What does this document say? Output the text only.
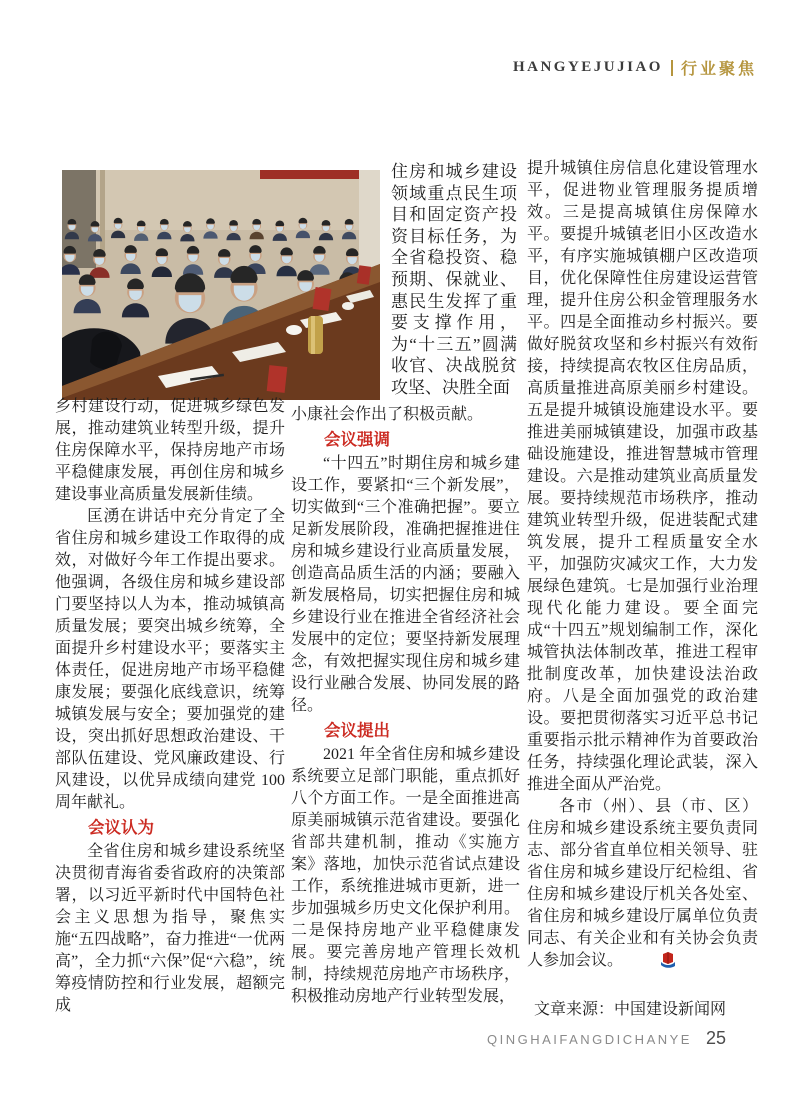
HANGYEJUJIAO 行业聚焦

住房和城乡建设领域重点民生项目和固定资产投资目标任务，为全省稳投资、稳预期、保就业、惠民生发挥了重要支撑作用，为“十三五”圆满收官、决战脱贫攻坚、决胜全面

乡村建设行动，促进城乡绿色发展，推动建筑业转型升级，提升住房保障水平，保持房地产市场平稳健康发展，再创住房和城乡建设事业高质量发展新佳绩。

匡湧在讲话中充分肯定了全省住房和城乡建设工作取得的成效，对做好今年工作提出要求。他强调，各级住房和城乡建设部门要坚持以人为本，推动城镇高质量发展；要突出城乡统筹，全面提升乡村建设水平；要落实主体责任，促进房地产市场平稳健康发展；要强化底线意识，统筹城镇发展与安全；要加强党的建设，突出抓好思想政治建设、干部队伍建设、党风廉政建设、行风建设，以优异成绩向建党 100 周年献礼。

会议认为

全省住房和城乡建设系统坚决贯彻青海省委省政府的决策部署，以习近平新时代中国特色社会主义思想为指导，聚焦实施“五四战略”，奋力推进“一优两高”，全力抓“六保”促“六稳”，统筹疫情防控和行业发展，超额完成

小康社会作出了积极贡献。

会议强调

“十四五”时期住房和城乡建设工作，要紧扣“三个新发展”，切实做到“三个准确把握”。要立足新发展阶段，准确把握推进住房和城乡建设行业高质量发展，创造高品质生活的内涵；要融入新发展格局，切实把握住房和城乡建设行业在推进全省经济社会发展中的定位；要坚持新发展理念，有效把握实现住房和城乡建设行业融合发展、协同发展的路径。

会议提出

2021 年全省住房和城乡建设系统要立足部门职能，重点抓好八个方面工作。一是全面推进高原美丽城镇示范省建设。要强化省部共建机制，推动《实施方案》落地，加快示范省试点建设工作，系统推进城市更新，进一步加强城乡历史文化保护利用。二是保持房地产业平稳健康发展。要完善房地产管理长效机制，持续规范房地产市场秩序，积极推动房地产行业转型发展，

提升城镇住房信息化建设管理水平，促进物业管理服务提质增效。三是提高城镇住房保障水平。要提升城镇老旧小区改造水平，有序实施城镇棚户区改造项目，优化保障性住房建设运营管理，提升住房公积金管理服务水平。四是全面推动乡村振兴。要做好脱贫攻坚和乡村振兴有效衔接，持续提高农牧区住房品质，高质量推进高原美丽乡村建设。五是提升城镇设施建设水平。要推进美丽城镇建设，加强市政基础设施建设，推进智慧城市管理建设。六是推动建筑业高质量发展。要持续规范市场秩序，推动建筑业转型升级，促进装配式建筑发展，提升工程质量安全水平，加强防灾减灾工作，大力发展绿色建筑。七是加强行业治理现代化能力建设。要全面完成“十四五”规划编制工作，深化城管执法体制改革，推进工程审批制度改革，加快建设法治政府。八是全面加强党的政治建设。要把贯彻落实习近平总书记重要指示批示精神作为首要政治任务，持续强化理论武装，深入推进全面从严治党。

各市（州）、县（市、区）住房和城乡建设系统主要负责同志、部分省直单位相关领导、驻省住房和城乡建设厅纪检组、省住房和城乡建设厅机关各处室、省住房和城乡建设厅属单位负责同志、有关企业和有关协会负责人参加会议。

文章来源：中国建设新闻网

QINGHAIFANGDICHANYE 25
